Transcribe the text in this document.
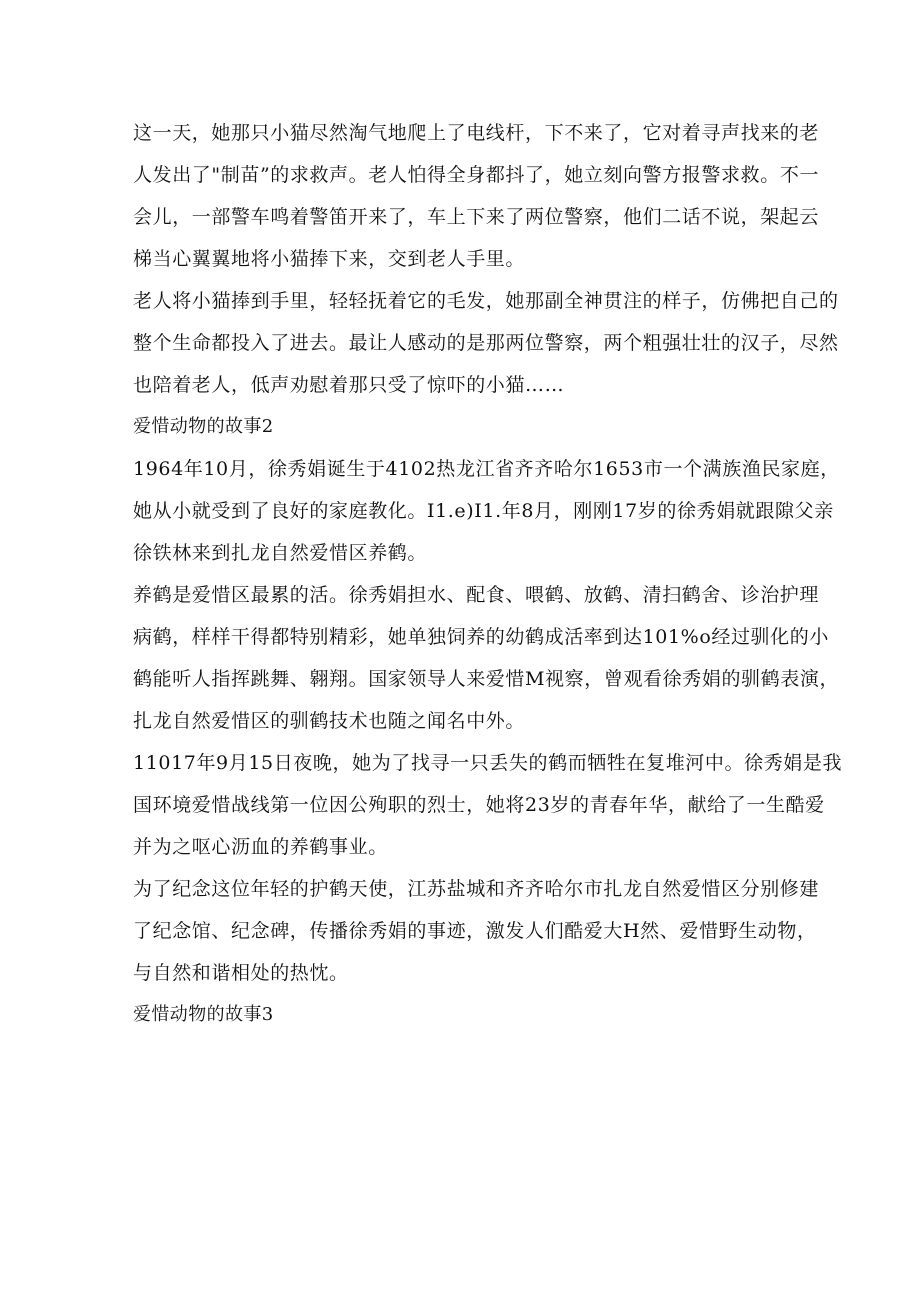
这一天，她那只小猫尽然淘气地爬上了电线杆，下不来了，它对着寻声找来的老
人发出了"制苗”的求救声。老人怕得全身都抖了，她立刻向警方报警求救。不一
会儿，一部警车鸣着警笛开来了，车上下来了两位警察，他们二话不说，架起云
梯当心翼翼地将小猫捧下来，交到老人手里。
老人将小猫捧到手里，轻轻抚着它的毛发，她那副全神贯注的样子，仿佛把自己的
整个生命都投入了进去。最让人感动的是那两位警察，两个粗强壮壮的汉子，尽然
也陪着老人，低声劝慰着那只受了惊吓的小猫……
爱惜动物的故事2
1964年10月，徐秀娟诞生于4102热龙江省齐齐哈尔1653市一个满族渔民家庭，
她从小就受到了良好的家庭教化。I1.e)I1.年8月，刚刚17岁的徐秀娟就跟隙父亲
徐铁林来到扎龙自然爱惜区养鹤。
养鹤是爱惜区最累的活。徐秀娟担水、配食、喂鹤、放鹤、清扫鹤舍、诊治护理
病鹤，样样干得都特别精彩，她单独饲养的幼鹤成活率到达101%o经过驯化的小
鹤能听人指挥跳舞、翱翔。国家领导人来爱惜M视察，曾观看徐秀娟的驯鹤表演，
扎龙自然爱惜区的驯鹤技术也随之闻名中外。
11017年9月15日夜晚，她为了找寻一只丢失的鹤而牺牲在复堆河中。徐秀娟是我
国环境爱惜战线第一位因公殉职的烈士，她将23岁的青春年华，献给了一生酷爱
并为之呕心沥血的养鹤事业。
为了纪念这位年轻的护鹤天使，江苏盐城和齐齐哈尔市扎龙自然爱惜区分别修建
了纪念馆、纪念碑，传播徐秀娟的事迹，激发人们酷爱大H然、爱惜野生动物，
与自然和谐相处的热忱。
爱惜动物的故事3
